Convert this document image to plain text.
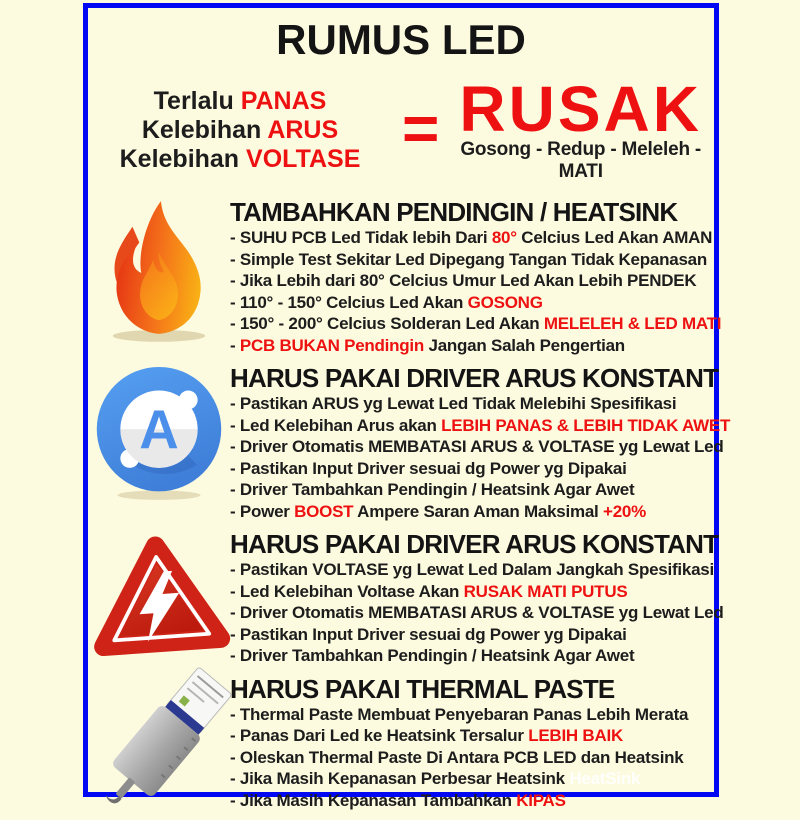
RUMUS LED
Terlalu PANAS
Kelebihan ARUS
Kelebihan VOLTASE = RUSAK
Gosong - Redup - Meleleh - MATI
TAMBAHKAN PENDINGIN / HEATSINK
- SUHU PCB Led Tidak lebih Dari 80° Celcius Led Akan AMAN
- Simple Test Sekitar Led Dipegang Tangan Tidak Kepanasan
- Jika Lebih dari 80° Celcius Umur Led Akan Lebih PENDEK
- 110° - 150° Celcius Led Akan GOSONG
- 150° - 200° Celcius Solderan Led Akan MELELEH & LED MATI
- PCB BUKAN Pendingin Jangan Salah Pengertian
A
HARUS PAKAI DRIVER ARUS KONSTANT
- Pastikan ARUS yg Lewat Led Tidak Melebihi Spesifikasi
- Led Kelebihan Arus akan LEBIH PANAS & LEBIH TIDAK AWET
- Driver Otomatis MEMBATASI ARUS & VOLTASE yg Lewat Led
- Pastikan Input Driver sesuai dg Power yg Dipakai
- Driver Tambahkan Pendingin / Heatsink Agar Awet
- Power BOOST Ampere Saran Aman Maksimal +20%
HARUS PAKAI DRIVER ARUS KONSTANT
- Pastikan VOLTASE yg Lewat Led Dalam Jangkah Spesifikasi
- Led Kelebihan Voltase Akan RUSAK MATI PUTUS
- Driver Otomatis MEMBATASI ARUS & VOLTASE yg Lewat Led
- Pastikan Input Driver sesuai dg Power yg Dipakai
- Driver Tambahkan Pendingin / Heatsink Agar Awet
HARUS PAKAI THERMAL PASTE
- Thermal Paste Membuat Penyebaran Panas Lebih Merata
- Panas Dari Led ke Heatsink Tersalur LEBIH BAIK
- Oleskan Thermal Paste Di Antara PCB LED dan Heatsink
- Jika Masih Kepanasan Perbesar Heatsink HeatSink
- Jika Masih Kepanasan Tambahkan KIPAS
